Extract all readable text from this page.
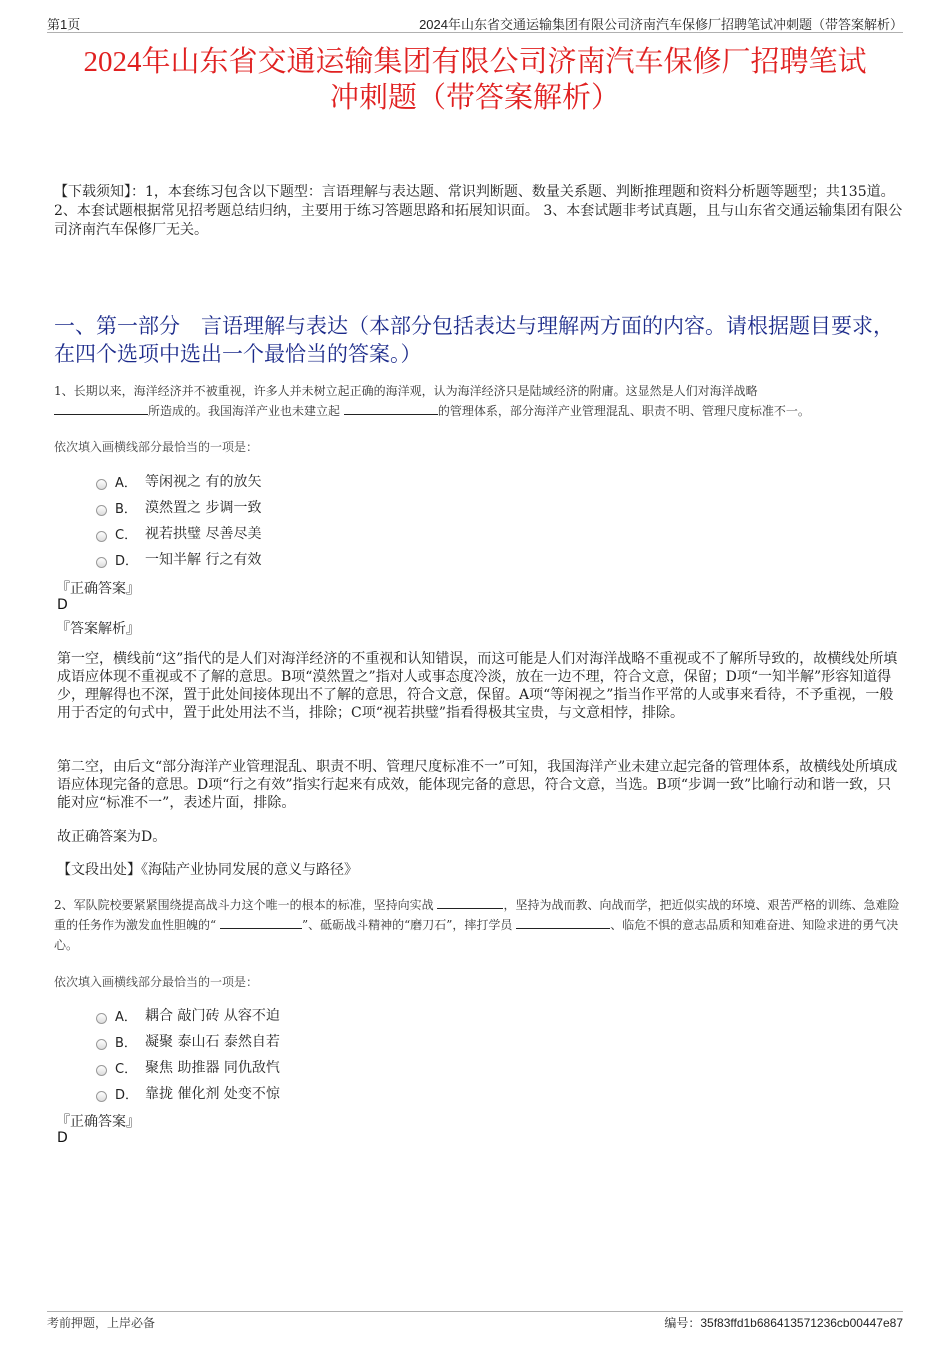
第1页	2024年山东省交通运输集团有限公司济南汽车保修厂招聘笔试冲刺题（带答案解析）
2024年山东省交通运输集团有限公司济南汽车保修厂招聘笔试
冲刺题（带答案解析）
【下载须知】：1，本套练习包含以下题型：言语理解与表达题、常识判断题、数量关系题、判断推理题和资料分析题等题型；共135道。 2、本套试题根据常见招考题总结归纳，主要用于练习答题思路和拓展知识面。 3、本套试题非考试真题，且与山东省交通运输集团有限公司济南汽车保修厂无关。
一、第一部分　言语理解与表达（本部分包括表达与理解两方面的内容。请根据题目要求，在四个选项中选出一个最恰当的答案。）
1、长期以来，海洋经济并不被重视，许多人并未树立起正确的海洋观，认为海洋经济只是陆域经济的附庸。这显然是人们对海洋战略
所造成的。我国海洋产业也未建立起	的管理体系，部分海洋产业管理混乱、职责不明、管理尺度标准不一。
依次填入画横线部分最恰当的一项是：
A． 等闲视之 有的放矢
B． 漠然置之 步调一致
C． 视若拱璧 尽善尽美
D． 一知半解 行之有效
『正确答案』
D
『答案解析』
第一空，横线前“这”指代的是人们对海洋经济的不重视和认知错误，而这可能是人们对海洋战略不重视或不了解所导致的，故横线处所填成语应体现不重视或不了解的意思。B项“漠然置之”指对人或事态度冷淡，放在一边不理，符合文意，保留；D项“一知半解”形容知道得少，理解得也不深，置于此处间接体现出不了解的意思，符合文意，保留。A项“等闲视之”指当作平常的人或事来看待，不予重视，一般用于否定的句式中，置于此处用法不当，排除；C项“视若拱璧”指看得极其宝贵，与文意相悖，排除。
第二空，由后文“部分海洋产业管理混乱、职责不明、管理尺度标准不一”可知，我国海洋产业未建立起完备的管理体系，故横线处所填成语应体现完备的意思。D项“行之有效”指实行起来有成效，能体现完备的意思，符合文意，当选。B项“步调一致”比喻行动和谐一致，只能对应“标准不一”，表述片面，排除。
故正确答案为D。
【文段出处】《海陆产业协同发展的意义与路径》
2、军队院校要紧紧围绕提高战斗力这个唯一的根本的标准，坚持向实战	，坚持为战而教、向战而学，把近似实战的环境、艰苦严格的训练、急难险重的任务作为激发血性胆魄的“	”、砥砺战斗精神的“磨刀石”，摔打学员	、临危不惧的意志品质和知难奋进、知险求进的勇气决心。
依次填入画横线部分最恰当的一项是：
A． 耦合 敲门砖 从容不迫
B． 凝聚 泰山石 泰然自若
C． 聚焦 助推器 同仇敌忾
D． 靠拢 催化剂 处变不惊
『正确答案』
D
考前押题，上岸必备	编号：35f83ffd1b686413571236cb00447e87
